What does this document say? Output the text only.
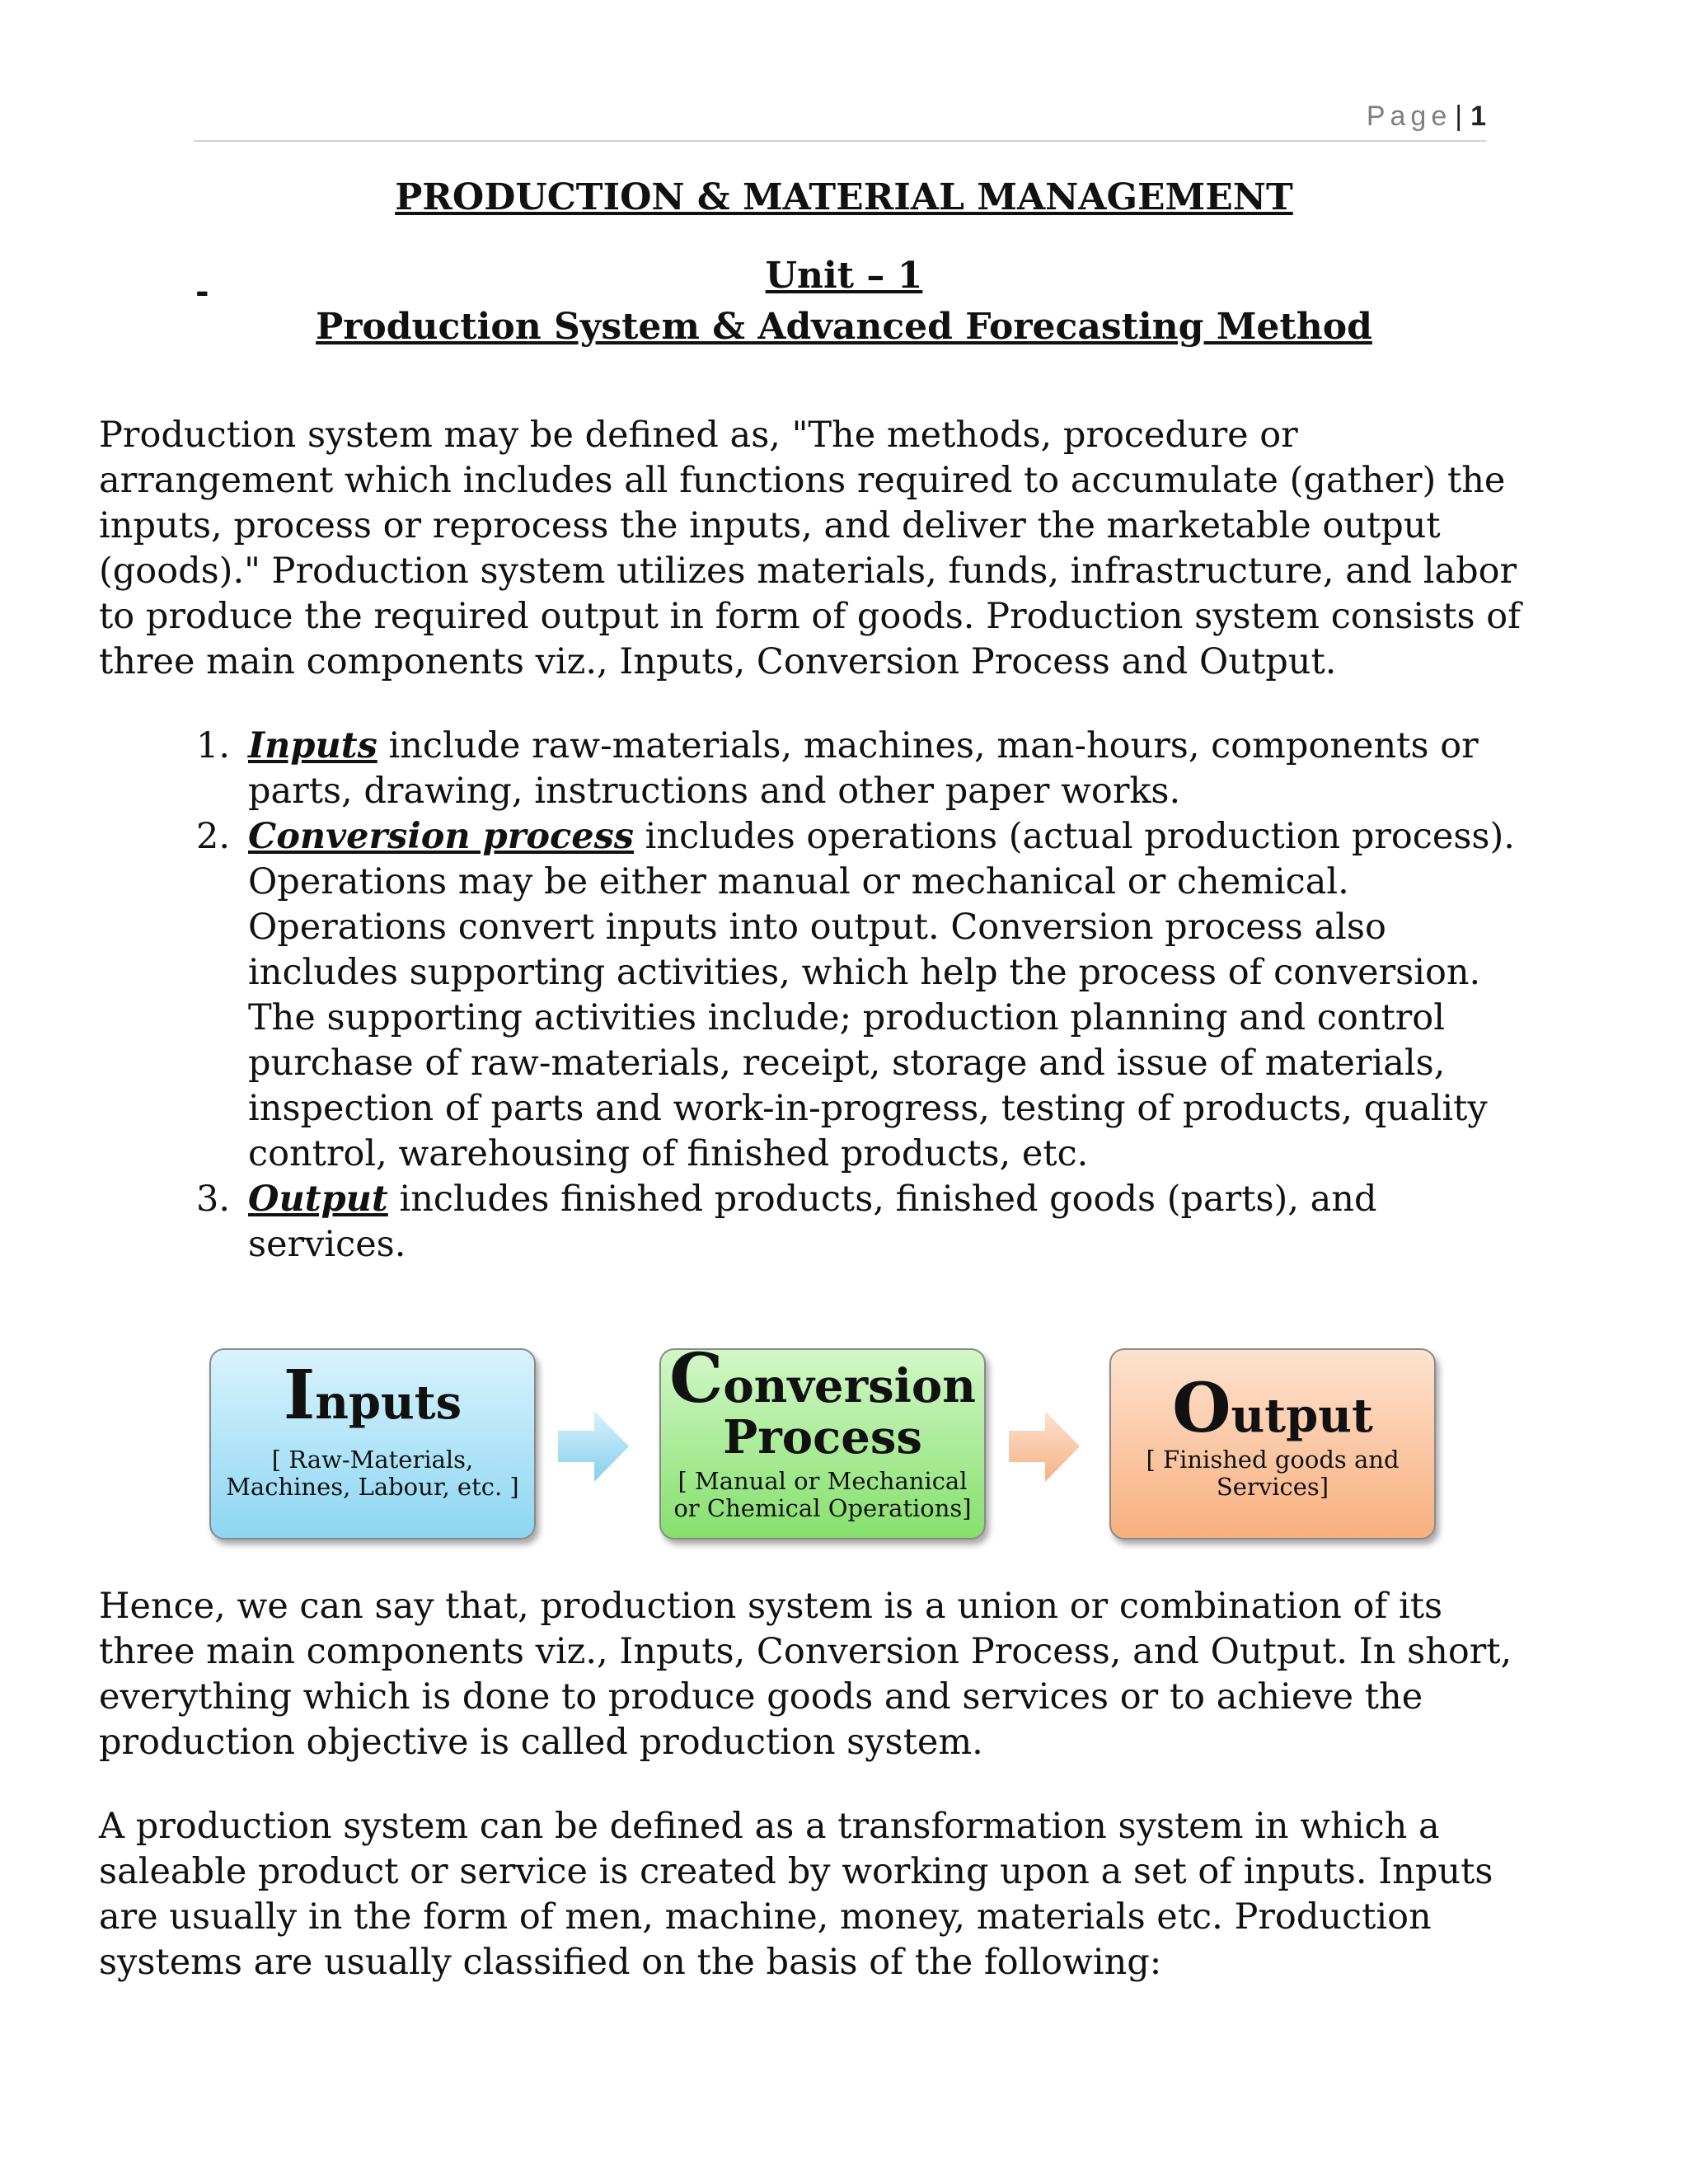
Page | 1
PRODUCTION & MATERIAL MANAGEMENT
-	Unit – 1
Production System & Advanced Forecasting Method
Production system may be defined as, "The methods, procedure or arrangement which includes all functions required to accumulate (gather) the inputs, process or reprocess the inputs, and deliver the marketable output (goods)." Production system utilizes materials, funds, infrastructure, and labor to produce the required output in form of goods. Production system consists of three main components viz., Inputs, Conversion Process and Output.
1. Inputs include raw-materials, machines, man-hours, components or parts, drawing, instructions and other paper works.
2. Conversion process includes operations (actual production process). Operations may be either manual or mechanical or chemical. Operations convert inputs into output. Conversion process also includes supporting activities, which help the process of conversion. The supporting activities include; production planning and control purchase of raw-materials, receipt, storage and issue of materials, inspection of parts and work-in-progress, testing of products, quality control, warehousing of finished products, etc.
3. Output includes finished products, finished goods (parts), and services.
Inputs
[ Raw-Materials,
Machines, Labour, etc. ]
Conversion
Process
[ Manual or Mechanical
or Chemical Operations]
Output
[ Finished goods and
Services]
Hence, we can say that, production system is a union or combination of its three main components viz., Inputs, Conversion Process, and Output. In short, everything which is done to produce goods and services or to achieve the production objective is called production system.
A production system can be defined as a transformation system in which a saleable product or service is created by working upon a set of inputs. Inputs are usually in the form of men, machine, money, materials etc. Production systems are usually classified on the basis of the following:
